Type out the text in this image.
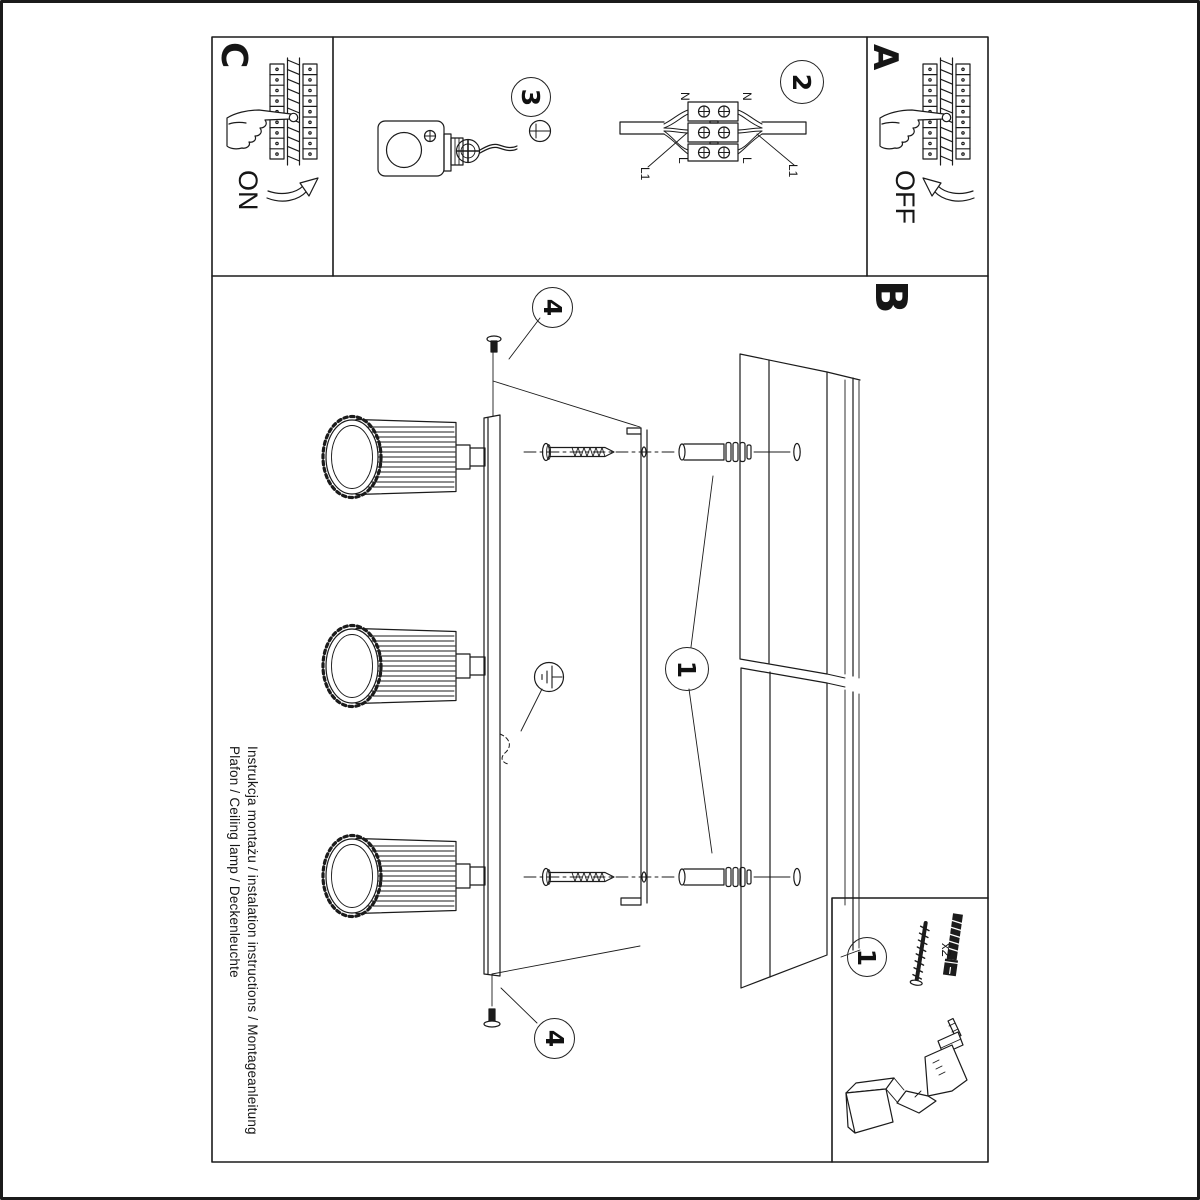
C
ON
A
OFF
B
N	N
L	L
L1	L1
x2
Instrukcja montażu / instalation instructions / Montageanleitung
Plafon / Ceiling lamp / Deckenleuchte
3
2
4
4
1
1
